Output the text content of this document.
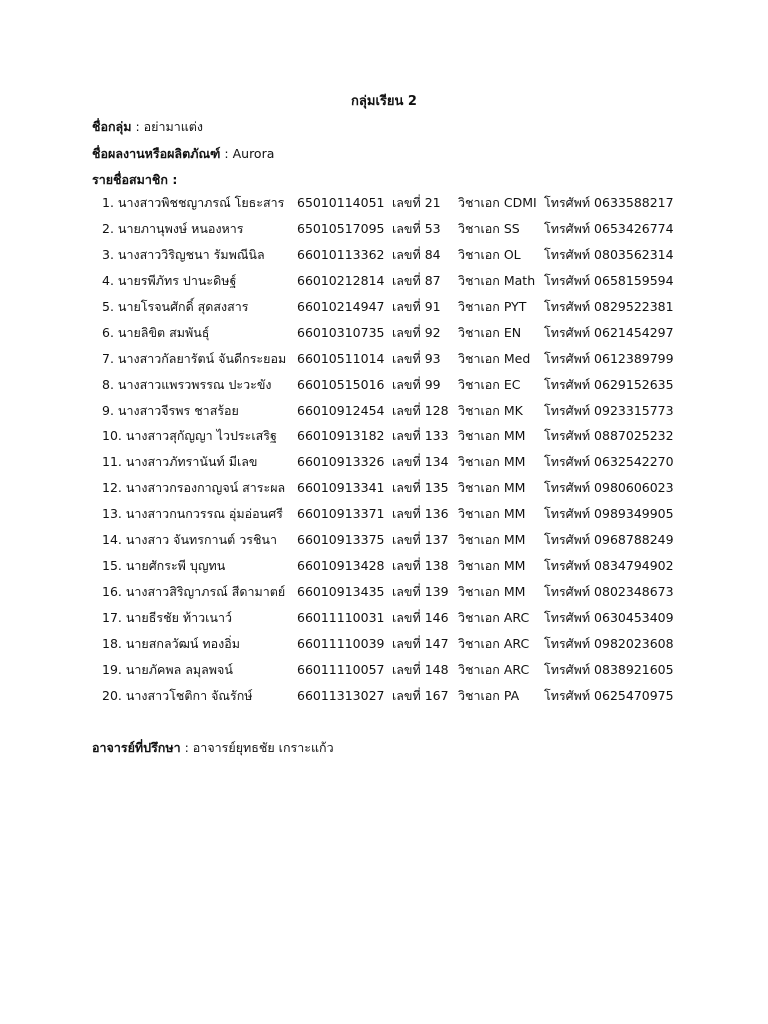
กลุ่มเรียน 2
ชื่อกลุ่ม : อย่ามาแต่ง
ชื่อผลงานหรือผลิตภัณฑ์ : Aurora
รายชื่อสมาชิก :
1. นางสาวพิชชญาภรณ์ โยธะสาร 65010114051 เลขที่ 21 วิชาเอก CDMI โทรศัพท์ 0633588217
2. นายภานุพงษ์ หนองหาร	65010517095 เลขที่ 53 วิชาเอก SS โทรศัพท์ 0653426774
3. นางสาววิริญชนา รัมพณีนิล	66010113362 เลขที่ 84 วิชาเอก OL โทรศัพท์ 0803562314
4. นายรพีภัทร ปานะดิษฐ์	66010212814 เลขที่ 87 วิชาเอก Math โทรศัพท์ 0658159594
5. นายโรจนศักดิ์ สุดสงสาร	66010214947 เลขที่ 91 วิชาเอก PYT โทรศัพท์ 0829522381
6. นายลิขิต สมพันธุ์	66010310735 เลขที่ 92 วิชาเอก EN โทรศัพท์ 0621454297
7. นางสาวกัลยารัตน์ จันดีกระยอม 66010511014 เลขที่ 93 วิชาเอก Med โทรศัพท์ 0612389799
8. นางสาวแพรวพรรณ ปะวะขัง 66010515016 เลขที่ 99 วิชาเอก EC โทรศัพท์ 0629152635
9. นางสาวจีรพร ชาสร้อย	66010912454 เลขที่ 128 วิชาเอก MK โทรศัพท์ 0923315773
10. นางสาวสุกัญญา ไวประเสริฐ 66010913182 เลขที่ 133 วิชาเอก MM โทรศัพท์ 0887025232
11. นางสาวภัทรานันท์ มีเลข	66010913326 เลขที่ 134 วิชาเอก MM โทรศัพท์ 0632542270
12. นางสาวกรองกาญจน์ สาระผล 66010913341 เลขที่ 135 วิชาเอก MM โทรศัพท์ 0980606023
13. นางสาวกนกวรรณ อุ่มอ่อนศรี 66010913371 เลขที่ 136 วิชาเอก MM โทรศัพท์ 0989349905
14. นางสาว จันทรกานต์ วรชินา 66010913375 เลขที่ 137 วิชาเอก MM โทรศัพท์ 0968788249
15. นายศักระพี บุญทน	66010913428 เลขที่ 138 วิชาเอก MM โทรศัพท์ 0834794902
16. นางสาวสิริญาภรณ์ สีดามาตย์ 66010913435 เลขที่ 139 วิชาเอก MM โทรศัพท์ 0802348673
17. นายธีรชัย ท้าวเนาว์	66011110031 เลขที่ 146 วิชาเอก ARC โทรศัพท์ 0630453409
18. นายสกลวัฒน์ ทองอิ่ม	66011110039 เลขที่ 147 วิชาเอก ARC โทรศัพท์ 0982023608
19. นายภัคพล ลมุลพจน์	66011110057 เลขที่ 148 วิชาเอก ARC โทรศัพท์ 0838921605
20. นางสาวโชติกา จัณรักษ์	66011313027 เลขที่ 167 วิชาเอก PA โทรศัพท์ 0625470975
อาจารย์ที่ปรึกษา : อาจารย์ยุทธชัย เกราะแก้ว
